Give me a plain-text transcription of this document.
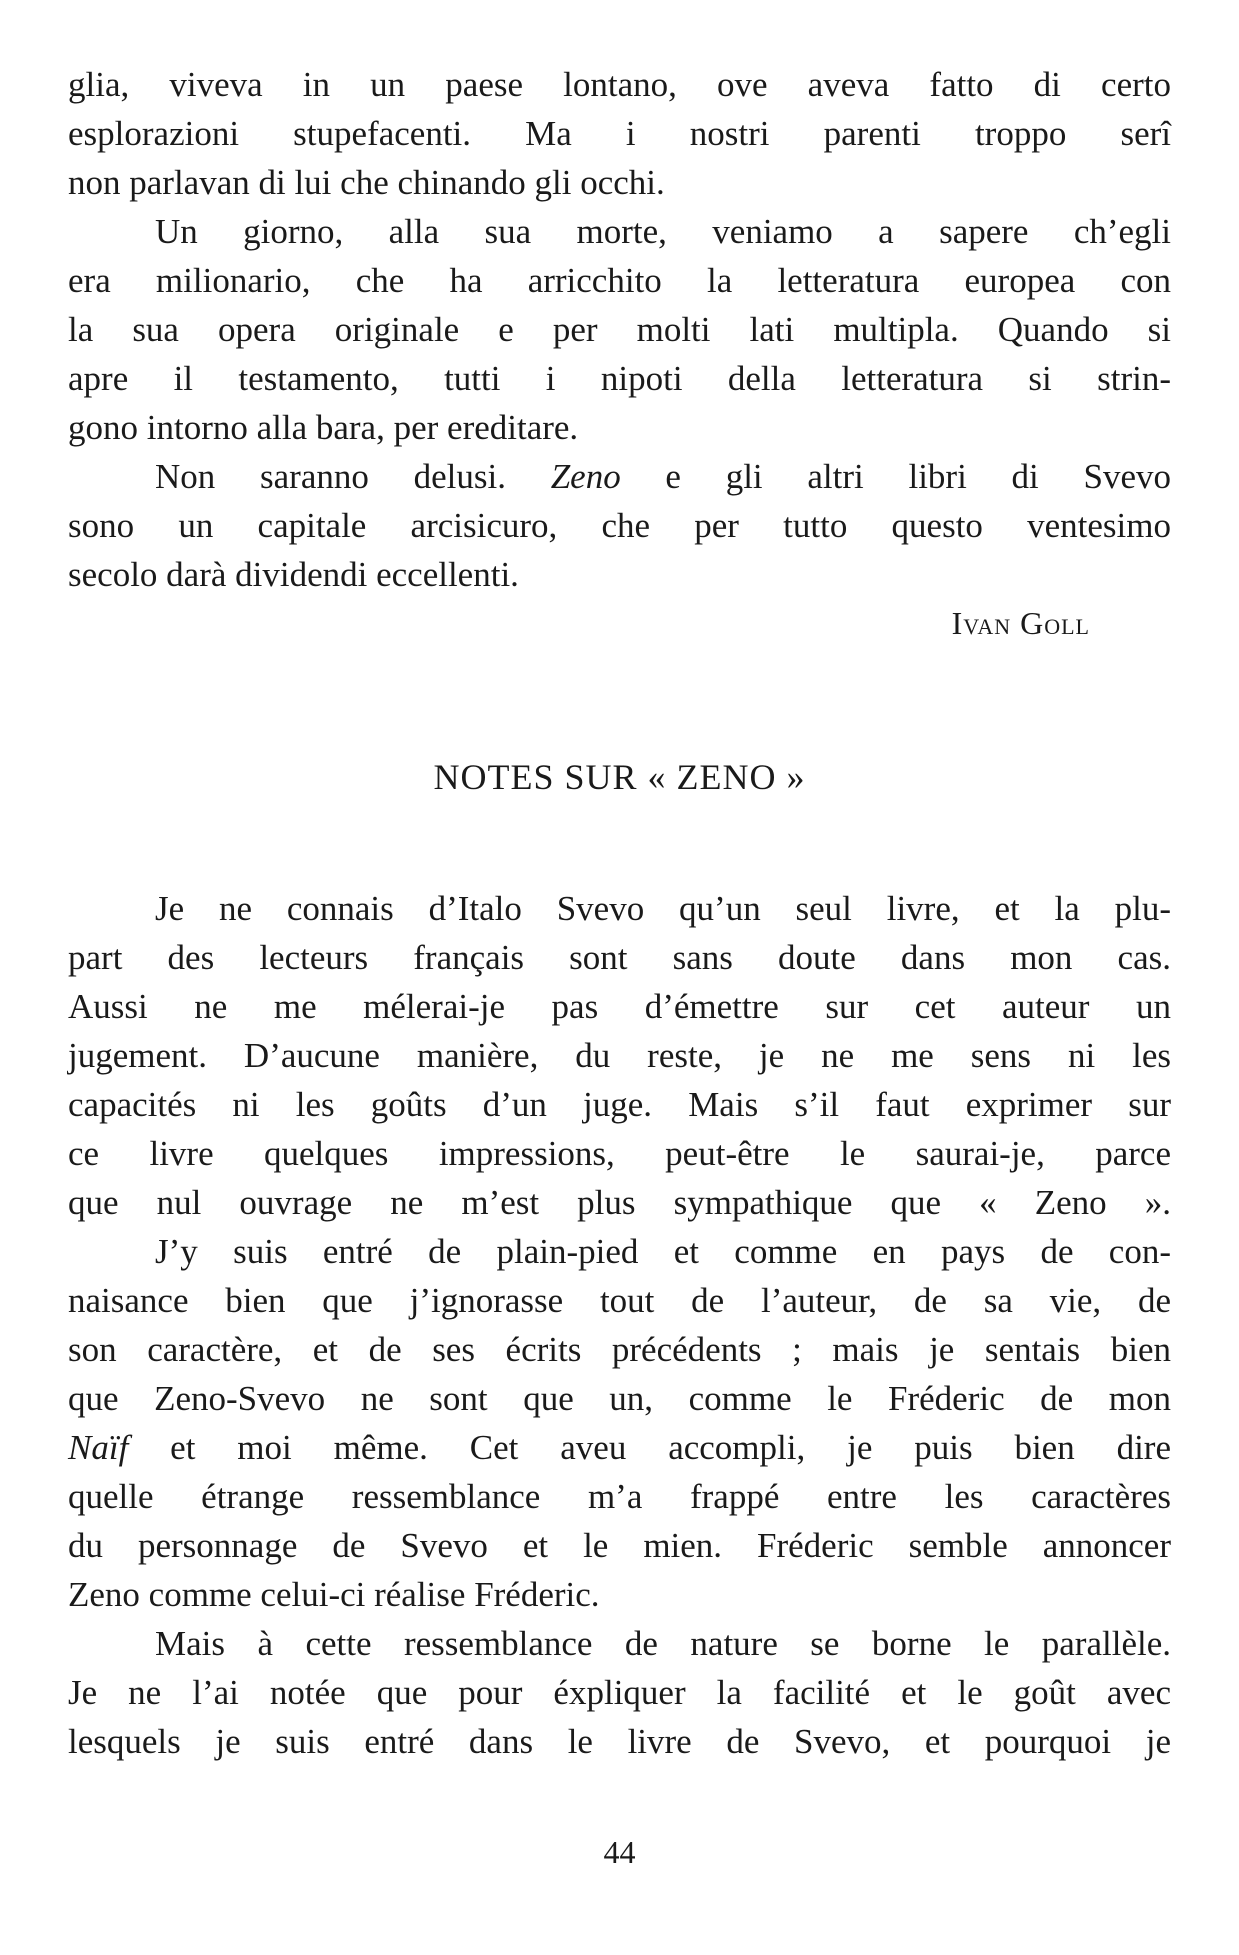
glia, viveva in un paese lontano, ove aveva fatto di certo
esplorazioni stupefacenti. Ma i nostri parenti troppo serî
non parlavan di lui che chinando gli occhi.
Un giorno, alla sua morte, veniamo a sapere ch’egli
era milionario, che ha arricchito la letteratura europea con
la sua opera originale e per molti lati multipla. Quando si
apre il testamento, tutti i nipoti della letteratura si strin-
gono intorno alla bara, per ereditare.
Non saranno delusi. Zeno e gli altri libri di Svevo
sono un capitale arcisicuro, che per tutto questo ventesimo
secolo darà dividendi eccellenti.
Ivan Goll
NOTES SUR « ZENO »
Je ne connais d’Italo Svevo qu’un seul livre, et la plu-
part des lecteurs français sont sans doute dans mon cas.
Aussi ne me mélerai-je pas d’émettre sur cet auteur un
jugement. D’aucune manière, du reste, je ne me sens ni les
capacités ni les goûts d’un juge. Mais s’il faut exprimer sur
ce livre quelques impressions, peut-être le saurai-je, parce
que nul ouvrage ne m’est plus sympathique que « Zeno ».
J’y suis entré de plain-pied et comme en pays de con-
naisance bien que j’ignorasse tout de l’auteur, de sa vie, de
son caractère, et de ses écrits précédents ; mais je sentais bien
que Zeno-Svevo ne sont que un, comme le Fréderic de mon
Naïf et moi même. Cet aveu accompli, je puis bien dire
quelle étrange ressemblance m’a frappé entre les caractères
du personnage de Svevo et le mien. Fréderic semble annoncer
Zeno comme celui-ci réalise Fréderic.
Mais à cette ressemblance de nature se borne le parallèle.
Je ne l’ai notée que pour éxpliquer la facilité et le goût avec
lesquels je suis entré dans le livre de Svevo, et pourquoi je
44
